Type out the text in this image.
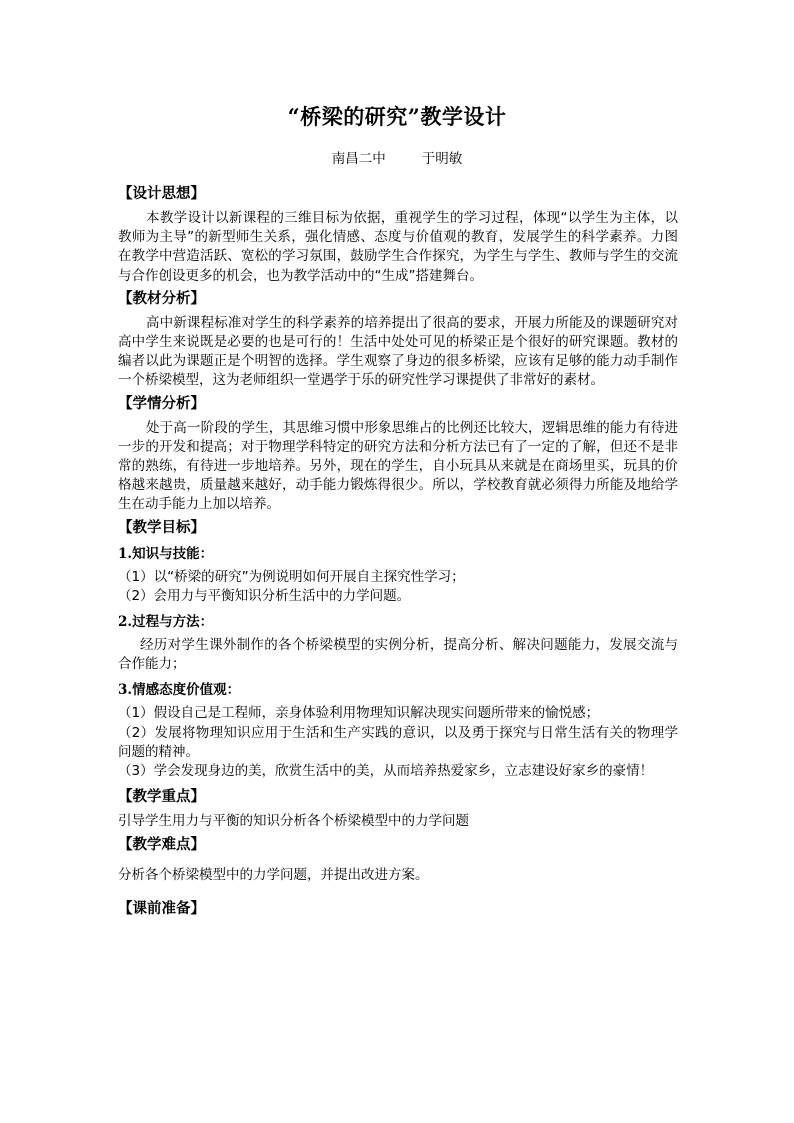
“桥梁的研究”教学设计
南昌二中	于明敏
【设计思想】
本教学设计以新课程的三维目标为依据，重视学生的学习过程，体现“以学生为主体，以教师为主导”的新型师生关系，强化情感、态度与价值观的教育，发展学生的科学素养。力图在教学中营造活跃、宽松的学习氛围，鼓励学生合作探究，为学生与学生、教师与学生的交流与合作创设更多的机会，也为教学活动中的“生成”搭建舞台。
【教材分析】
高中新课程标准对学生的科学素养的培养提出了很高的要求，开展力所能及的课题研究对高中学生来说既是必要的也是可行的！生活中处处可见的桥梁正是个很好的研究课题。教材的编者以此为课题正是个明智的选择。学生观察了身边的很多桥梁，应该有足够的能力动手制作一个桥梁模型，这为老师组织一堂遇学于乐的研究性学习课提供了非常好的素材。
【学情分析】
处于高一阶段的学生，其思维习惯中形象思维占的比例还比较大，逻辑思维的能力有待进一步的开发和提高；对于物理学科特定的研究方法和分析方法已有了一定的了解，但还不是非常的熟练，有待进一步地培养。另外，现在的学生，自小玩具从来就是在商场里买，玩具的价格越来越贵，质量越来越好，动手能力锻炼得很少。所以，学校教育就必须得力所能及地给学生在动手能力上加以培养。
【教学目标】
1.知识与技能：
（1）以“桥梁的研究”为例说明如何开展自主探究性学习；
（2）会用力与平衡知识分析生活中的力学问题。
2.过程与方法：
经历对学生课外制作的各个桥梁模型的实例分析，提高分析、解决问题能力，发展交流与合作能力；
3.情感态度价值观：
（1）假设自己是工程师，亲身体验利用物理知识解决现实问题所带来的愉悦感；
（2）发展将物理知识应用于生活和生产实践的意识，以及勇于探究与日常生活有关的物理学问题的精神。
（3）学会发现身边的美，欣赏生活中的美，从而培养热爱家乡，立志建设好家乡的豪情！
【教学重点】
引导学生用力与平衡的知识分析各个桥梁模型中的力学问题
【教学难点】
分析各个桥梁模型中的力学问题，并提出改进方案。
【课前准备】
